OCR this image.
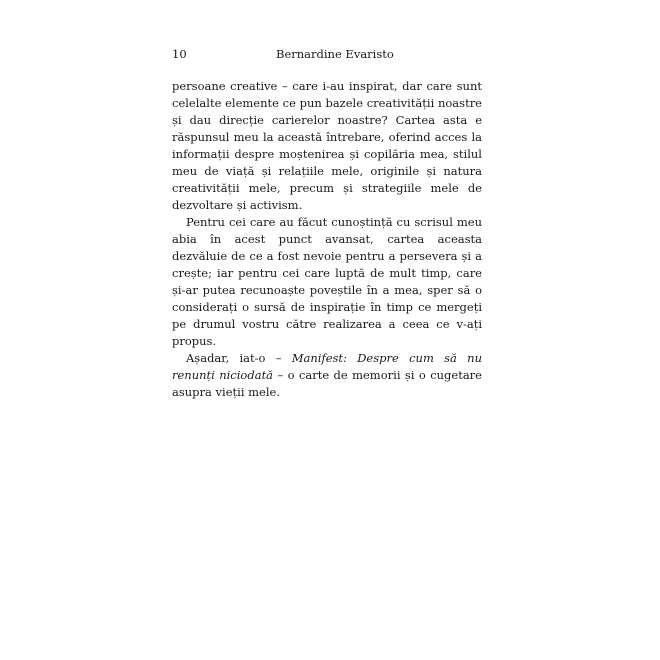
10	Bernardine Evaristo

persoane creative – care i-au inspirat, dar care sunt celelalte elemente ce pun bazele creativității noastre și dau direcție carierelor noastre? Cartea asta e răspunsul meu la această întrebare, oferind acces la informații despre moștenirea și copilăria mea, stilul meu de viață și relațiile mele, originile și natura creativității mele, precum și strategiile mele de dezvoltare și activism.

Pentru cei care au făcut cunoștință cu scrisul meu abia în acest punct avansat, cartea aceasta dezvăluie de ce a fost nevoie pentru a persevera și a crește; iar pentru cei care luptă de mult timp, care și-ar putea recunoaște poveștile în a mea, sper să o considerați o sursă de inspirație în timp ce mergeți pe drumul vostru către realizarea a ceea ce v-ați propus.

Așadar, iat-o – Manifest: Despre cum să nu renunți niciodată – o carte de memorii și o cugetare asupra vieții mele.
